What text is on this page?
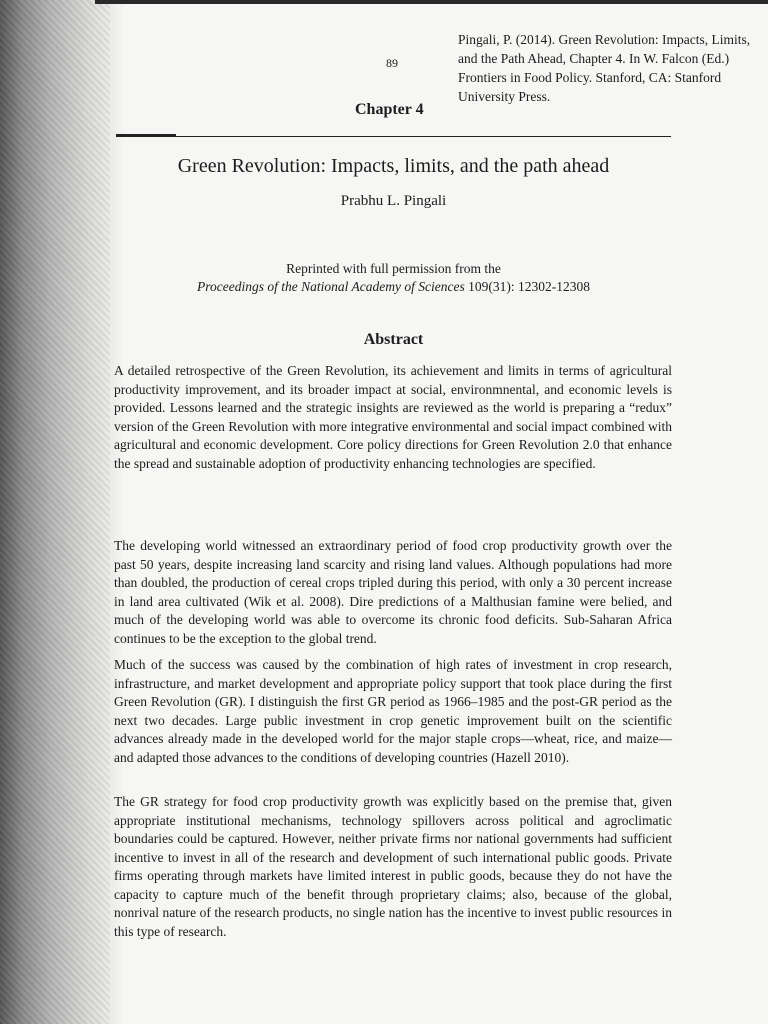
89

Pingali, P. (2014). Green Revolution: Impacts, Limits, and the Path Ahead, Chapter 4. In W. Falcon (Ed.) Frontiers in Food Policy. Stanford, CA: Stanford University Press.

Chapter 4

Green Revolution: Impacts, limits, and the path ahead

Prabhu L. Pingali

Reprinted with full permission from the
Proceedings of the National Academy of Sciences 109(31): 12302-12308
Abstract

A detailed retrospective of the Green Revolution, its achievement and limits in terms of agricultural productivity improvement, and its broader impact at social, environmnental, and economic levels is provided. Lessons learned and the strategic insights are reviewed as the world is preparing a “redux” version of the Green Revolution with more integrative environmental and social impact combined with agricultural and economic development. Core policy directions for Green Revolution 2.0 that enhance the spread and sustainable adoption of productivity enhancing technologies are specified.

The developing world witnessed an extraordinary period of food crop productivity growth over the past 50 years, despite increasing land scarcity and rising land values. Although populations had more than doubled, the production of cereal crops tripled during this period, with only a 30 percent increase in land area cultivated (Wik et al. 2008). Dire predictions of a Malthusian famine were belied, and much of the developing world was able to overcome its chronic food deficits. Sub-Saharan Africa continues to be the exception to the global trend.

Much of the success was caused by the combination of high rates of investment in crop research, infrastructure, and market development and appropriate policy support that took place during the first Green Revolution (GR). I distinguish the first GR period as 1966–1985 and the post-GR period as the next two decades. Large public investment in crop genetic improvement built on the scientific advances already made in the developed world for the major staple crops—wheat, rice, and maize—and adapted those advances to the conditions of developing countries (Hazell 2010).

The GR strategy for food crop productivity growth was explicitly based on the premise that, given appropriate institutional mechanisms, technology spillovers across political and agroclimatic boundaries could be captured. However, neither private firms nor national governments had sufficient incentive to invest in all of the research and development of such international public goods. Private firms operating through markets have limited interest in public goods, because they do not have the capacity to capture much of the benefit through proprietary claims; also, because of the global, nonrival nature of the research products, no single nation has the incentive to invest public resources in this type of research.
